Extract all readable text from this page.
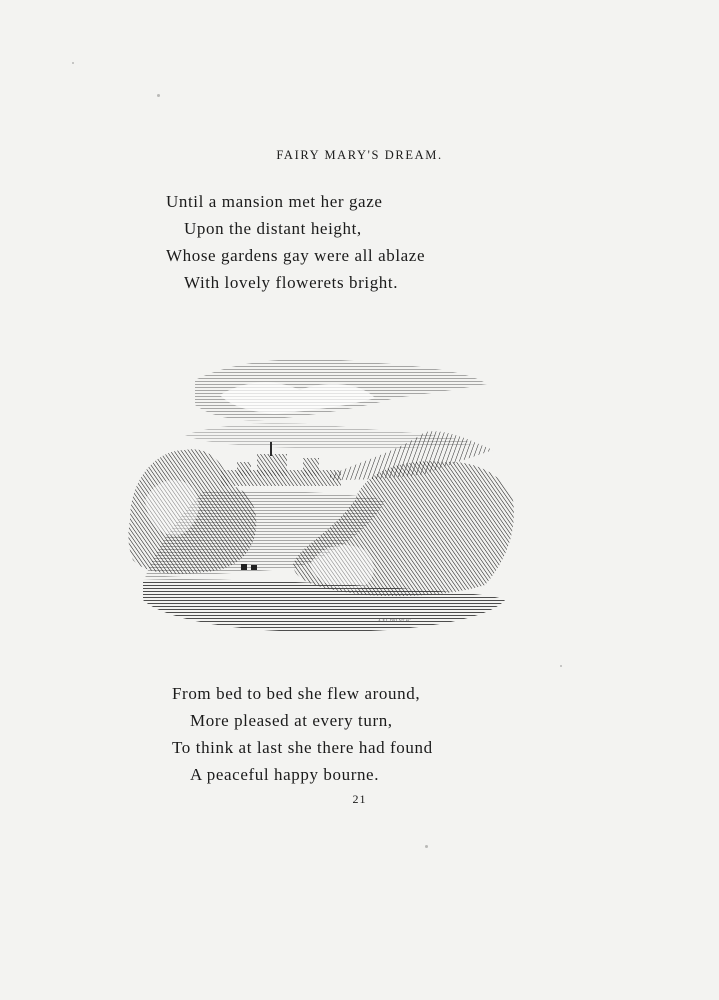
FAIRY MARY'S DREAM.
Until a mansion met her gaze
Upon the distant height,
Whose gardens gay were all ablaze
With lovely flowerets bright.
A.F.L.DELNT.SC.
From bed to bed she flew around,
More pleased at every turn,
To think at last she there had found
A peaceful happy bourne.
21
